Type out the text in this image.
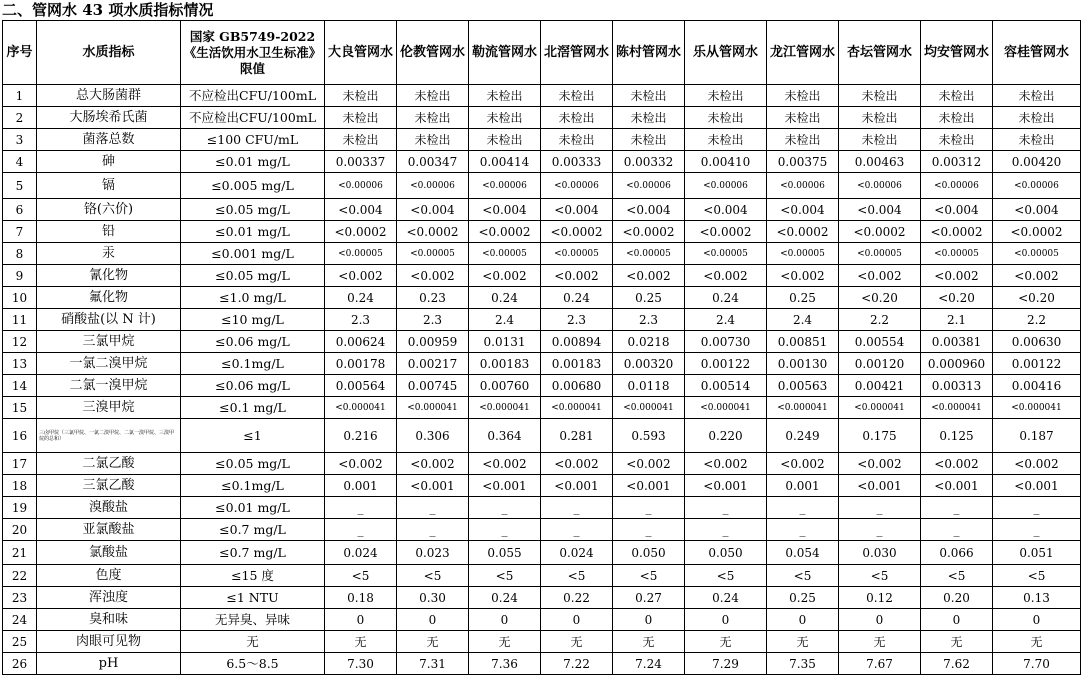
二、管网水 43 项水质指标情况
序号	水质指标	国家 GB5749-2022《生活饮用水卫生标准》限值	大良管网水	伦教管网水	勒流管网水	北滘管网水	陈村管网水	乐从管网水	龙江管网水	杏坛管网水	均安管网水	容桂管网水
1	总大肠菌群	不应检出CFU/100mL	未检出	未检出	未检出	未检出	未检出	未检出	未检出	未检出	未检出	未检出
2	大肠埃希氏菌	不应检出CFU/100mL	未检出	未检出	未检出	未检出	未检出	未检出	未检出	未检出	未检出	未检出
3	菌落总数	≤100 CFU/mL	未检出	未检出	未检出	未检出	未检出	未检出	未检出	未检出	未检出	未检出
4	砷	≤0.01 mg/L	0.00337	0.00347	0.00414	0.00333	0.00332	0.00410	0.00375	0.00463	0.00312	0.00420
5	镉	≤0.005 mg/L	<0.00006	<0.00006	<0.00006	<0.00006	<0.00006	<0.00006	<0.00006	<0.00006	<0.00006	<0.00006
6	铬(六价)	≤0.05 mg/L	<0.004	<0.004	<0.004	<0.004	<0.004	<0.004	<0.004	<0.004	<0.004	<0.004
7	铅	≤0.01 mg/L	<0.0002	<0.0002	<0.0002	<0.0002	<0.0002	<0.0002	<0.0002	<0.0002	<0.0002	<0.0002
8	汞	≤0.001 mg/L	<0.00005	<0.00005	<0.00005	<0.00005	<0.00005	<0.00005	<0.00005	<0.00005	<0.00005	<0.00005
9	氰化物	≤0.05 mg/L	<0.002	<0.002	<0.002	<0.002	<0.002	<0.002	<0.002	<0.002	<0.002	<0.002
10	氟化物	≤1.0 mg/L	0.24	0.23	0.24	0.24	0.25	0.24	0.25	<0.20	<0.20	<0.20
11	硝酸盐(以 N 计)	≤10 mg/L	2.3	2.3	2.4	2.3	2.3	2.4	2.4	2.2	2.1	2.2
12	三氯甲烷	≤0.06 mg/L	0.00624	0.00959	0.0131	0.00894	0.0218	0.00730	0.00851	0.00554	0.00381	0.00630
13	一氯二溴甲烷	≤0.1mg/L	0.00178	0.00217	0.00183	0.00183	0.00320	0.00122	0.00130	0.00120	0.000960	0.00122
14	二氯一溴甲烷	≤0.06 mg/L	0.00564	0.00745	0.00760	0.00680	0.0118	0.00514	0.00563	0.00421	0.00313	0.00416
15	三溴甲烷	≤0.1 mg/L	<0.000041	<0.000041	<0.000041	<0.000041	<0.000041	<0.000041	<0.000041	<0.000041	<0.000041	<0.000041
16	三卤甲烷（三氯甲烷、一氯二溴甲烷、二氯一溴甲烷、三溴甲烷的总和）	≤1	0.216	0.306	0.364	0.281	0.593	0.220	0.249	0.175	0.125	0.187
17	二氯乙酸	≤0.05 mg/L	<0.002	<0.002	<0.002	<0.002	<0.002	<0.002	<0.002	<0.002	<0.002	<0.002
18	三氯乙酸	≤0.1mg/L	0.001	<0.001	<0.001	<0.001	<0.001	<0.001	0.001	<0.001	<0.001	<0.001
19	溴酸盐	≤0.01 mg/L	_	_	_	_	_	_	_	_	_	_
20	亚氯酸盐	≤0.7 mg/L	_	_	_	_	_	_	_	_	_	_
21	氯酸盐	≤0.7 mg/L	0.024	0.023	0.055	0.024	0.050	0.050	0.054	0.030	0.066	0.051
22	色度	≤15 度	<5	<5	<5	<5	<5	<5	<5	<5	<5	<5
23	浑浊度	≤1 NTU	0.18	0.30	0.24	0.22	0.27	0.24	0.25	0.12	0.20	0.13
24	臭和味	无异臭、异味	0	0	0	0	0	0	0	0	0	0
25	肉眼可见物	无	无	无	无	无	无	无	无	无	无	无
26	pH	6.5～8.5	7.30	7.31	7.36	7.22	7.24	7.29	7.35	7.67	7.62	7.70
